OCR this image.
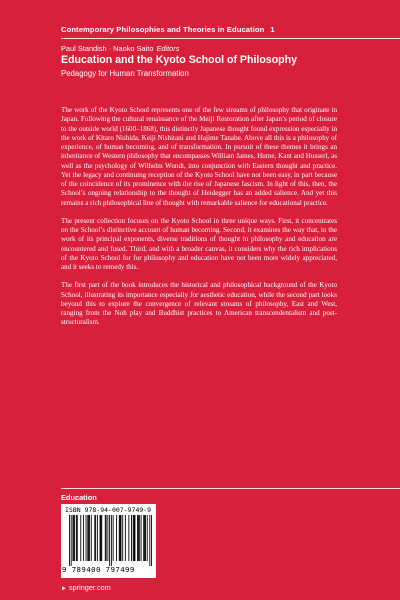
Contemporary Philosophies and Theories in Education 1
Paul Standish · Naoko Saito Editors
Education and the Kyoto School of Philosophy
Pedagogy for Human Transformation

The work of the Kyoto School represents one of the few streams of philosophy that originate in Japan. Following the cultural renaissance of the Meiji Restoration after Japan’s period of closure to the outside world (1600–1868), this distinctly Japanese thought found expression especially in the work of Kitaro Nishida, Keiji Nishitani and Hajime Tanabe. Above all this is a philosophy of experience, of human becoming, and of transformation. In pursuit of these themes it brings an inheritance of Western philosophy that encompasses William James, Hume, Kant and Husserl, as well as the psychology of Wilhelm Wundt, into conjunction with Eastern thought and practice. Yet the legacy and continuing reception of the Kyoto School have not been easy, in part because of the coincidence of its prominence with the rise of Japanese fascism. In light of this, then, the School’s ongoing relationship to the thought of Heidegger has an added salience. And yet this remains a rich philosophical line of thought with remarkable salience for educational practice.

The present collection focuses on the Kyoto School in three unique ways. First, it concentrates on the School’s distinctive account of human becoming. Second, it examines the way that, in the work of its principal exponents, diverse traditions of thought in philosophy and education are encountered and fused. Third, and with a broader canvas, it considers why the rich implications of the Kyoto School for for philosophy and education have not been more widely appreciated, and it seeks to remedy this.

The first part of the book introduces the historical and philosophical background of the Kyoto School, illustrating its importance especially for aesthetic education, while the second part looks beyond this to explore the convergence of relevant streams of philosophy, East and West, ranging from the Noh play and Buddhist practices to American transcendentalism and post-structuralism.

Education
ISBN 978-94-007-9749-9
9 789400 797499
► springer.com
